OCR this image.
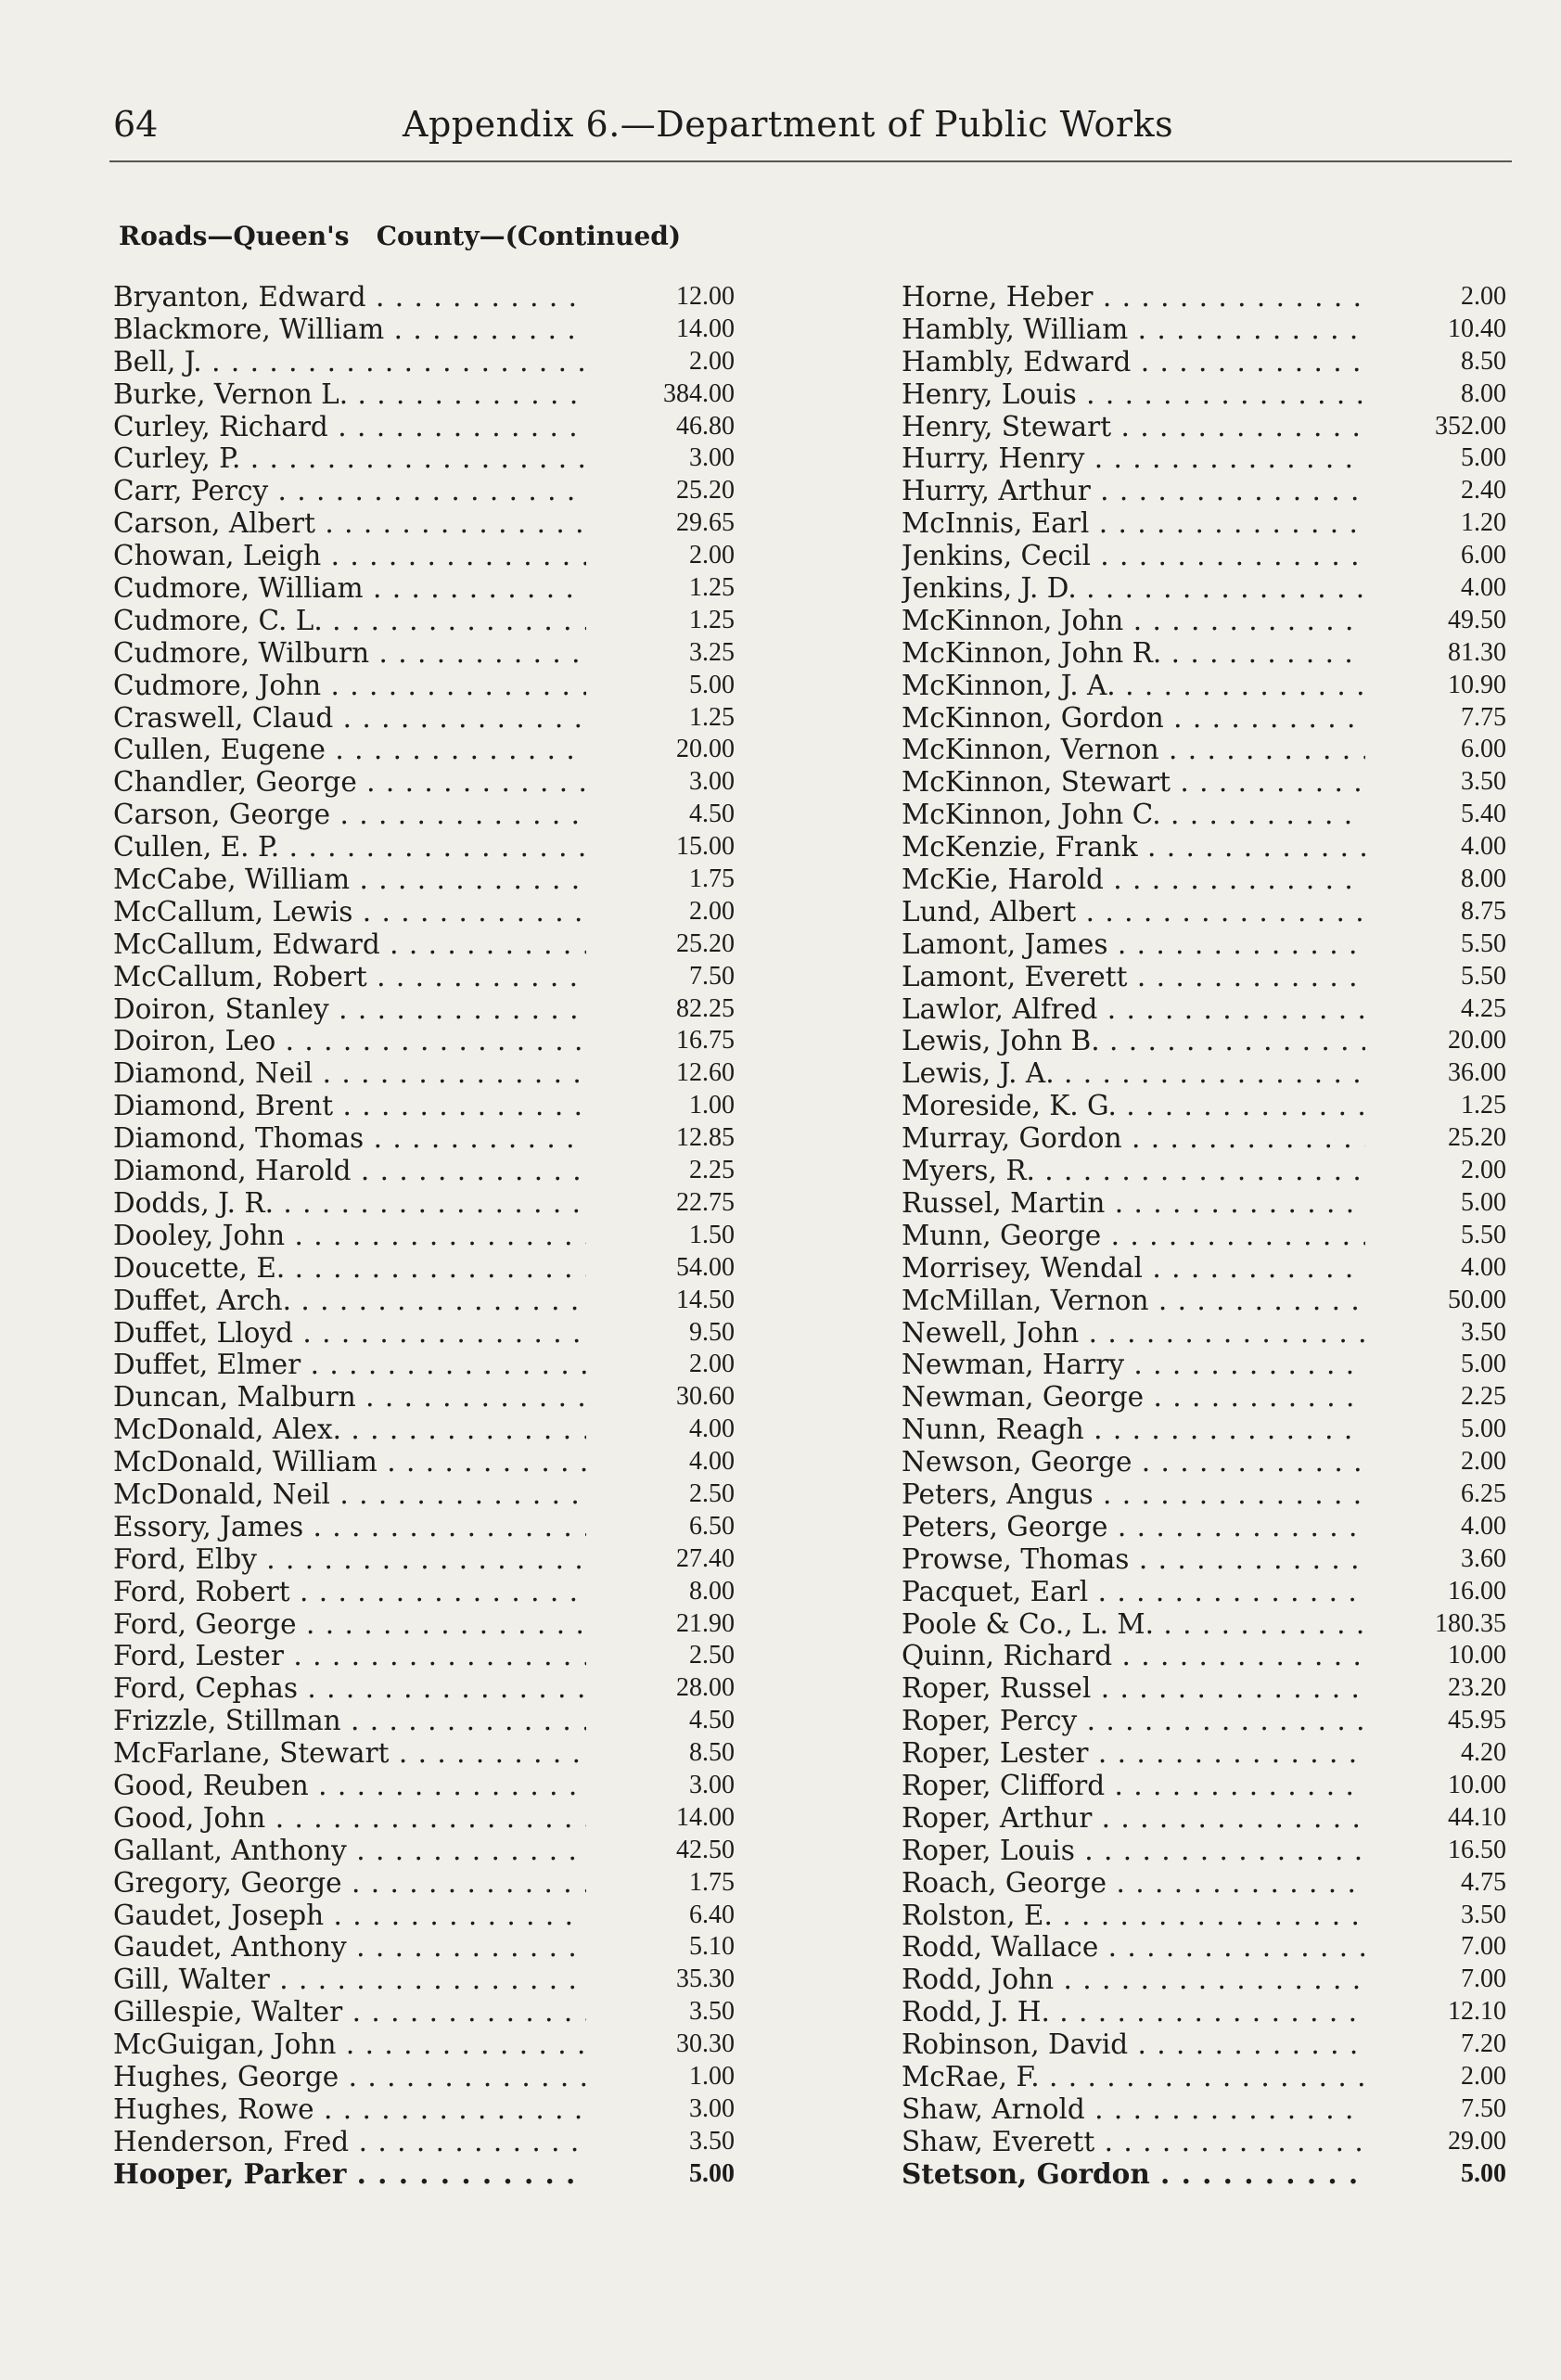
64	Appendix 6.—Department of Public Works
Roads—Queen's   County—(Continued)
Bryanton, Edward . . .	12.00
Blackmore, William . . .	14.00
Bell, J. . . .	2.00
Burke, Vernon L. . . .	384.00
Curley, Richard . . .	46.80
Curley, P. . . .	3.00
Carr, Percy . . .	25.20
Carson, Albert . . .	29.65
Chowan, Leigh . . .	2.00
Cudmore, William . . .	1.25
Cudmore, C. L. . . .	1.25
Cudmore, Wilburn . . .	3.25
Cudmore, John . . .	5.00
Craswell, Claud . . .	1.25
Cullen, Eugene . . .	20.00
Chandler, George . . .	3.00
Carson, George . . .	4.50
Cullen, E. P. . . .	15.00
McCabe, William . . .	1.75
McCallum, Lewis . . .	2.00
McCallum, Edward . . .	25.20
McCallum, Robert . . .	7.50
Doiron, Stanley . . .	82.25
Doiron, Leo . . .	16.75
Diamond, Neil . . .	12.60
Diamond, Brent . . .	1.00
Diamond, Thomas . . .	12.85
Diamond, Harold . . .	2.25
Dodds, J. R. . . .	22.75
Dooley, John . . .	1.50
Doucette, E. . . .	54.00
Duffet, Arch. . . .	14.50
Duffet, Lloyd . . .	9.50
Duffet, Elmer . . .	2.00
Duncan, Malburn . . .	30.60
McDonald, Alex. . . .	4.00
McDonald, William . . .	4.00
McDonald, Neil . . .	2.50
Essory, James . . .	6.50
Ford, Elby . . .	27.40
Ford, Robert . . .	8.00
Ford, George . . .	21.90
Ford, Lester . . .	2.50
Ford, Cephas . . .	28.00
Frizzle, Stillman . . .	4.50
McFarlane, Stewart . . .	8.50
Good, Reuben . . .	3.00
Good, John . . .	14.00
Gallant, Anthony . . .	42.50
Gregory, George . . .	1.75
Gaudet, Joseph . . .	6.40
Gaudet, Anthony . . .	5.10
Gill, Walter . . .	35.30
Gillespie, Walter . . .	3.50
McGuigan, John . . .	30.30
Hughes, George . . .	1.00
Hughes, Rowe . . .	3.00
Henderson, Fred . . .	3.50
Hooper, Parker . . .	5.00
Horne, Heber . . .	2.00
Hambly, William . . .	10.40
Hambly, Edward . . .	8.50
Henry, Louis . . .	8.00
Henry, Stewart . . .	352.00
Hurry, Henry . . .	5.00
Hurry, Arthur . . .	2.40
McInnis, Earl . . .	1.20
Jenkins, Cecil . . .	6.00
Jenkins, J. D. . . .	4.00
McKinnon, John . . .	49.50
McKinnon, John R. . . .	81.30
McKinnon, J. A. . . .	10.90
McKinnon, Gordon . . .	7.75
McKinnon, Vernon . . .	6.00
McKinnon, Stewart . . .	3.50
McKinnon, John C. . . .	5.40
McKenzie, Frank . . .	4.00
McKie, Harold . . .	8.00
Lund, Albert . . .	8.75
Lamont, James . . .	5.50
Lamont, Everett . . .	5.50
Lawlor, Alfred . . .	4.25
Lewis, John B. . . .	20.00
Lewis, J. A. . . .	36.00
Moreside, K. G. . . .	1.25
Murray, Gordon . . .	25.20
Myers, R. . . .	2.00
Russel, Martin . . .	5.00
Munn, George . . .	5.50
Morrisey, Wendal . . .	4.00
McMillan, Vernon . . .	50.00
Newell, John . . .	3.50
Newman, Harry . . .	5.00
Newman, George . . .	2.25
Nunn, Reagh . . .	5.00
Newson, George . . .	2.00
Peters, Angus . . .	6.25
Peters, George . . .	4.00
Prowse, Thomas . . .	3.60
Pacquet, Earl . . .	16.00
Poole & Co., L. M. . . .	180.35
Quinn, Richard . . .	10.00
Roper, Russel . . .	23.20
Roper, Percy . . .	45.95
Roper, Lester . . .	4.20
Roper, Clifford . . .	10.00
Roper, Arthur . . .	44.10
Roper, Louis . . .	16.50
Roach, George . . .	4.75
Rolston, E. . . .	3.50
Rodd, Wallace . . .	7.00
Rodd, John . . .	7.00
Rodd, J. H. . . .	12.10
Robinson, David . . .	7.20
McRae, F. . . .	2.00
Shaw, Arnold . . .	7.50
Shaw, Everett . . .	29.00
Stetson, Gordon . . .	5.00
